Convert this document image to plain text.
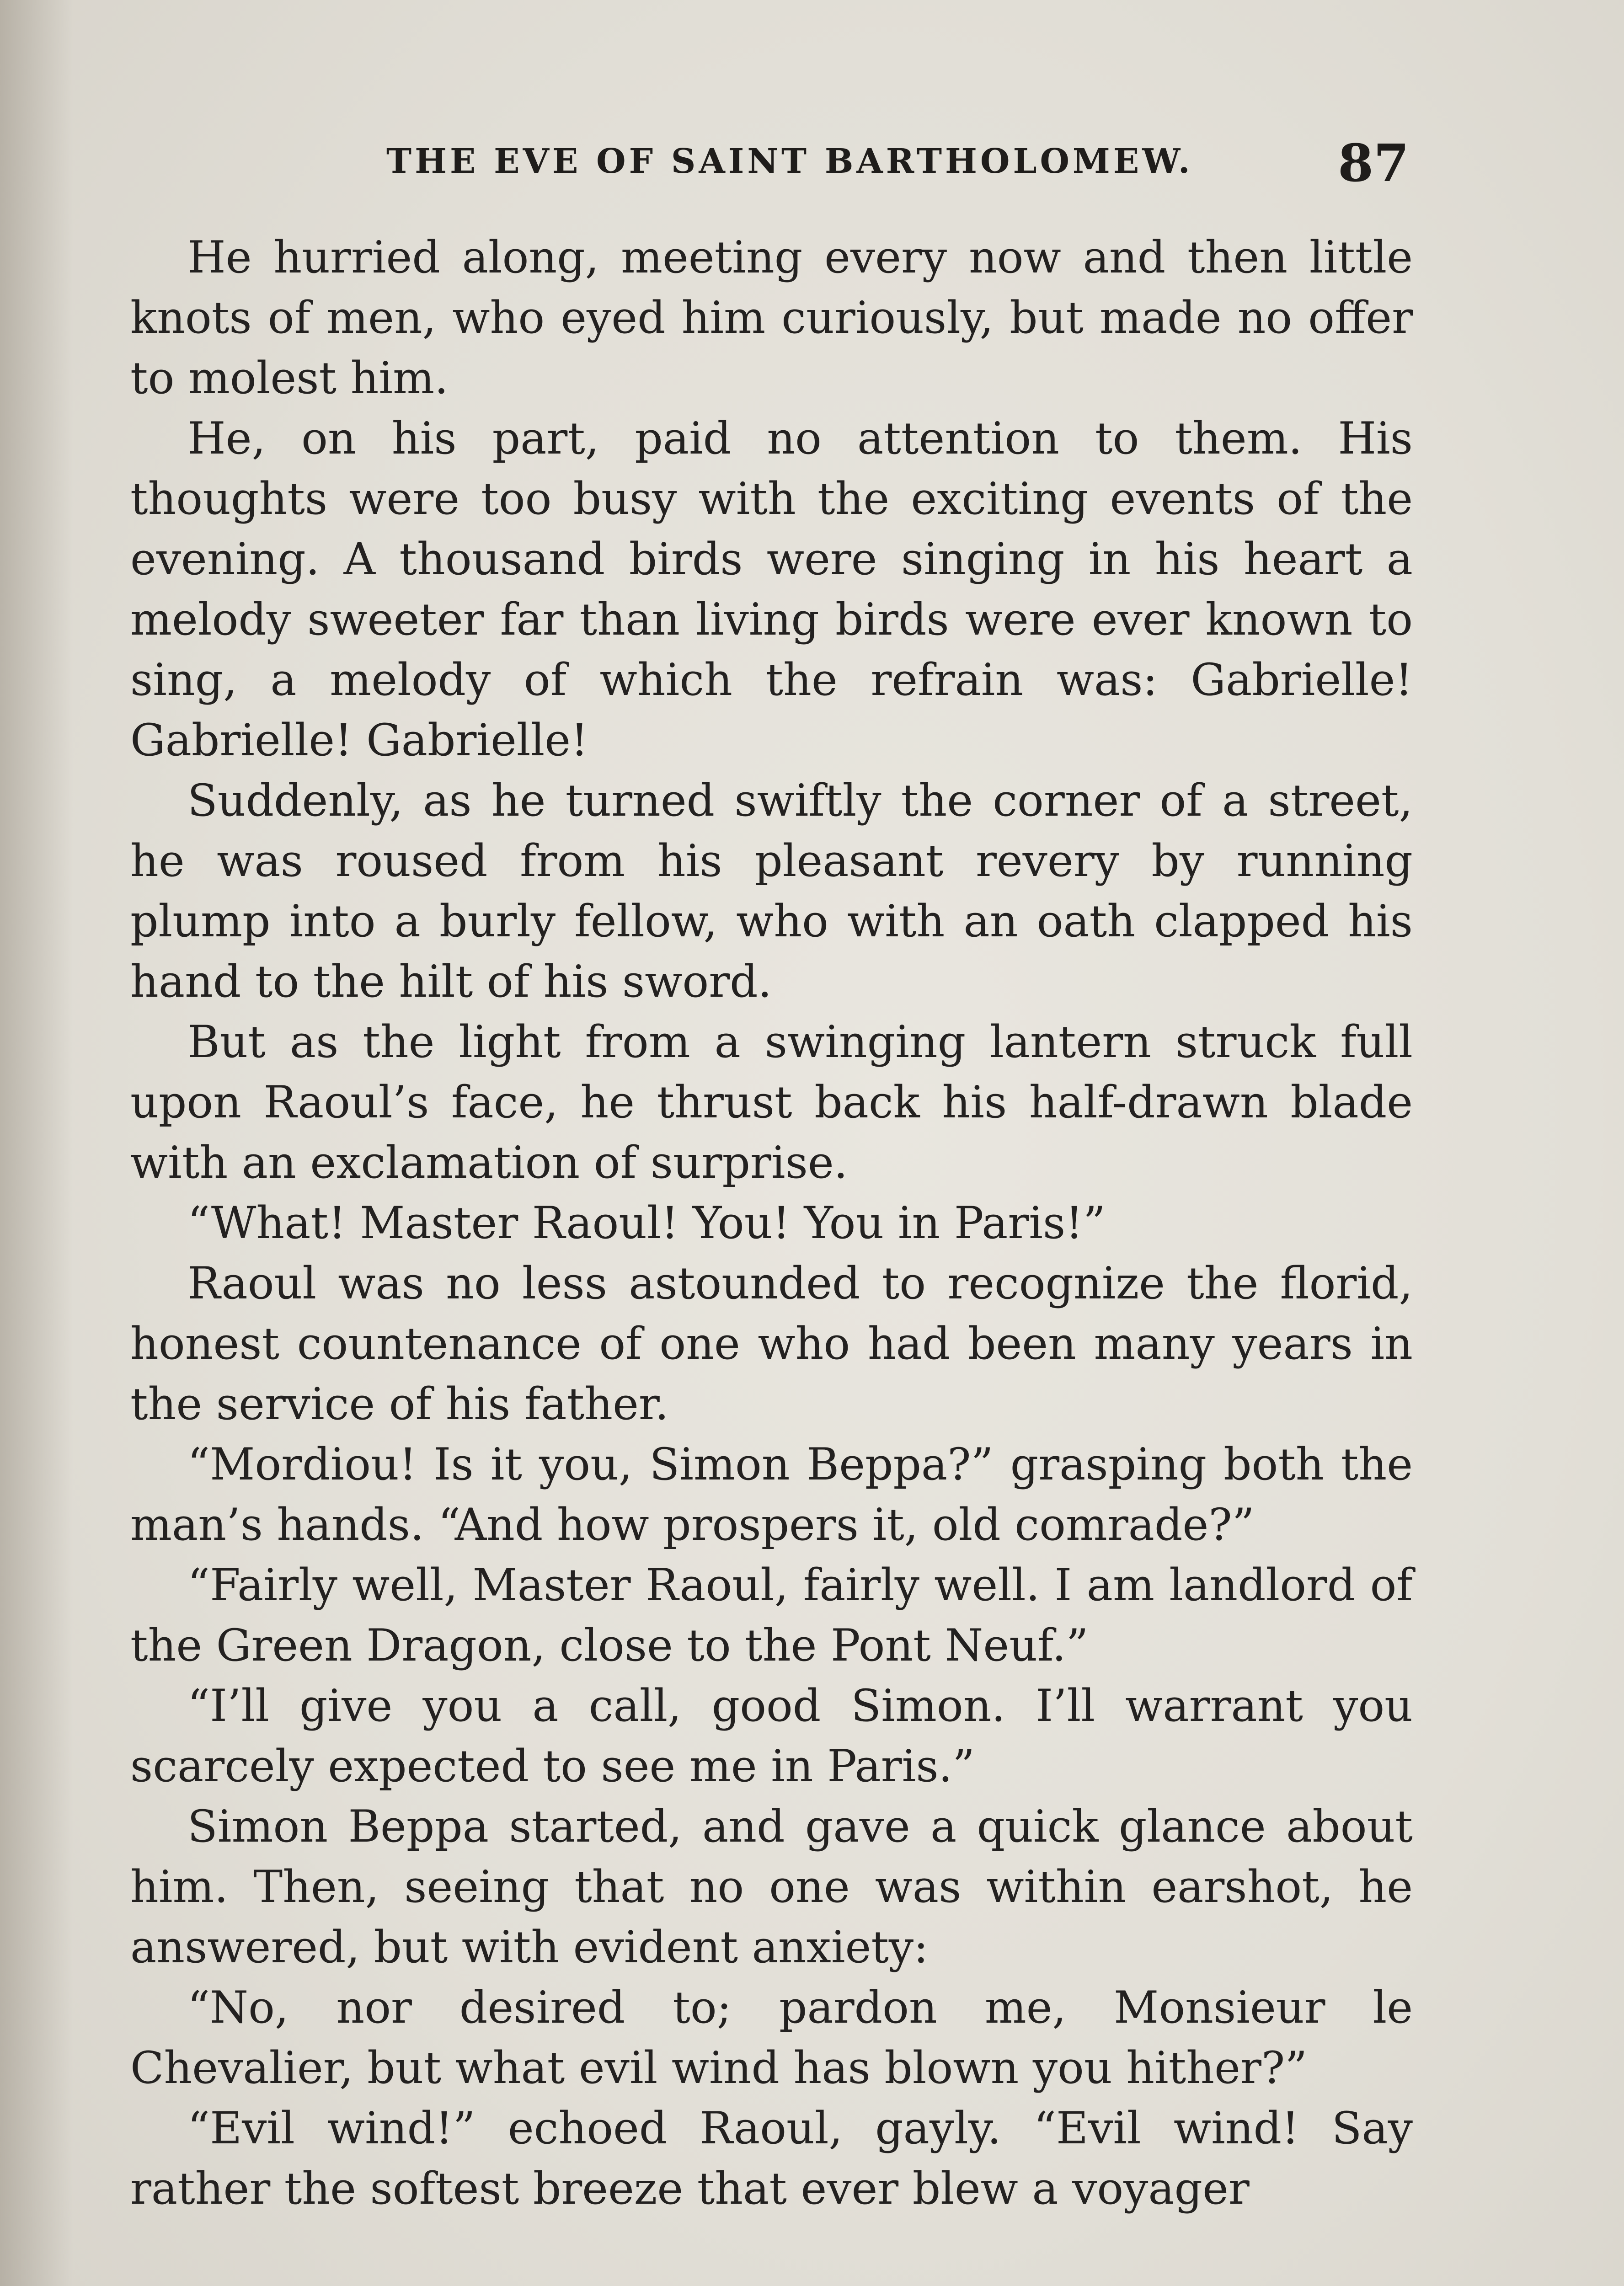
THE EVE OF SAINT BARTHOLOMEW.	87

He hurried along, meeting every now and then little knots of men, who eyed him curiously, but made no offer to molest him.

He, on his part, paid no attention to them. His thoughts were too busy with the exciting events of the evening. A thousand birds were singing in his heart a melody sweeter far than living birds were ever known to sing, a melody of which the refrain was: Gabrielle! Gabrielle! Gabrielle!

Suddenly, as he turned swiftly the corner of a street, he was roused from his pleasant revery by running plump into a burly fellow, who with an oath clapped his hand to the hilt of his sword.

But as the light from a swinging lantern struck full upon Raoul’s face, he thrust back his half-drawn blade with an exclamation of surprise.

“What! Master Raoul! You! You in Paris!”

Raoul was no less astounded to recognize the florid, honest countenance of one who had been many years in the service of his father.

“Mordiou! Is it you, Simon Beppa?” grasping both the man’s hands. “And how prospers it, old comrade?”

“Fairly well, Master Raoul, fairly well. I am landlord of the Green Dragon, close to the Pont Neuf.”

“I’ll give you a call, good Simon. I’ll warrant you scarcely expected to see me in Paris.”

Simon Beppa started, and gave a quick glance about him. Then, seeing that no one was within earshot, he answered, but with evident anxiety:

“No, nor desired to; pardon me, Monsieur le Chevalier, but what evil wind has blown you hither?”

“Evil wind!” echoed Raoul, gayly. “Evil wind! Say rather the softest breeze that ever blew a voyager
